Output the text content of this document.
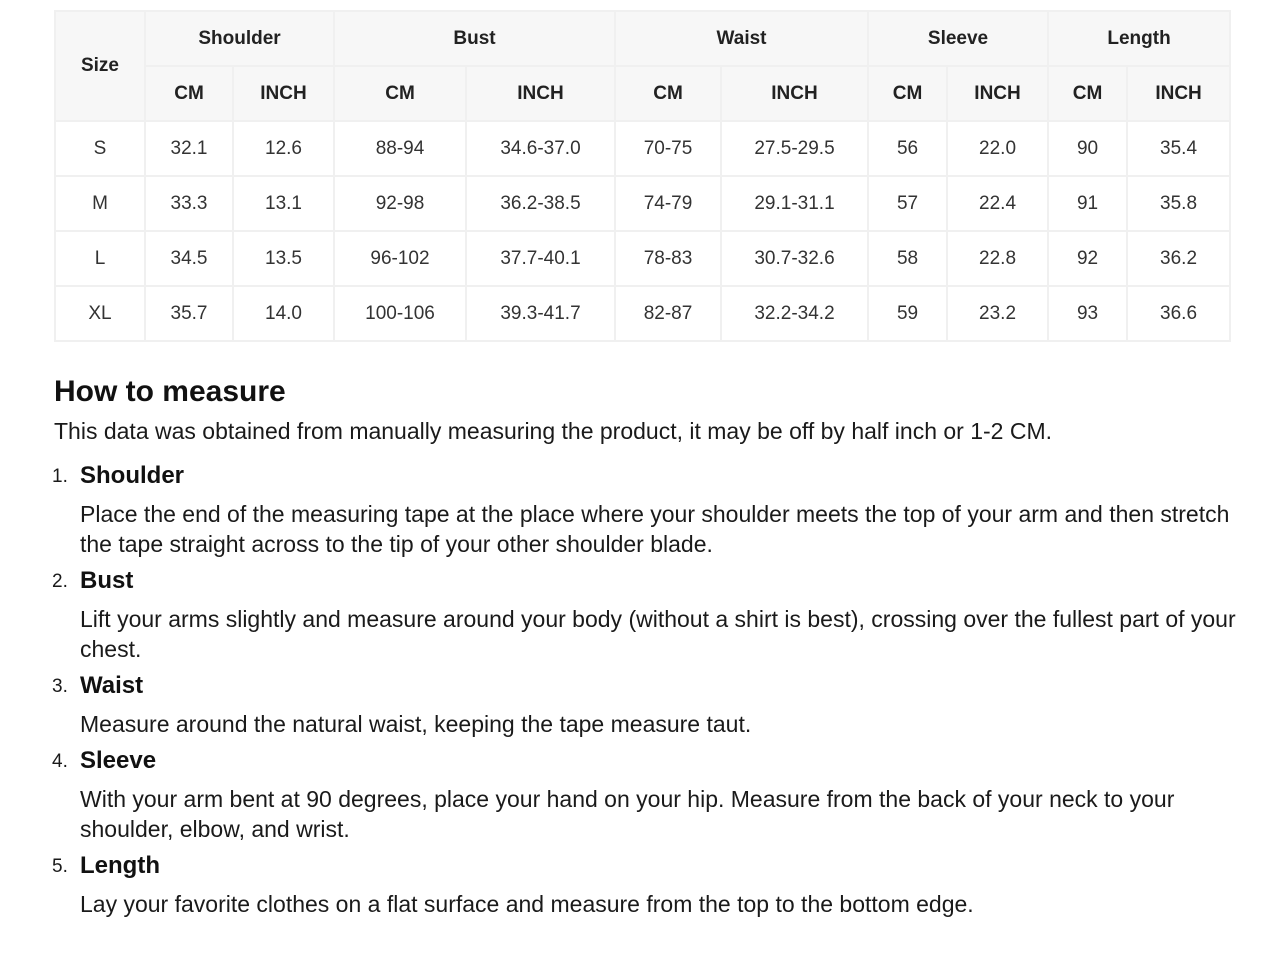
Size	Shoulder		Bust		Waist		Sleeve		Length	
	CM	INCH	CM	INCH	CM	INCH	CM	INCH	CM	INCH
S	32.1	12.6	88-94	34.6-37.0	70-75	27.5-29.5	56	22.0	90	35.4
M	33.3	13.1	92-98	36.2-38.5	74-79	29.1-31.1	57	22.4	91	35.8
L	34.5	13.5	96-102	37.7-40.1	78-83	30.7-32.6	58	22.8	92	36.2
XL	35.7	14.0	100-106	39.3-41.7	82-87	32.2-34.2	59	23.2	93	36.6
How to measure

This data was obtained from manually measuring the product, it may be off by half inch or 1-2 CM.

1. Shoulder
Place the end of the measuring tape at the place where your shoulder meets the top of your arm and then stretch the tape straight across to the tip of your other shoulder blade.
2. Bust
Lift your arms slightly and measure around your body (without a shirt is best), crossing over the fullest part of your chest.
3. Waist
Measure around the natural waist, keeping the tape measure taut.
4. Sleeve
With your arm bent at 90 degrees, place your hand on your hip. Measure from the back of your neck to your shoulder, elbow, and wrist.
5. Length
Lay your favorite clothes on a flat surface and measure from the top to the bottom edge.
